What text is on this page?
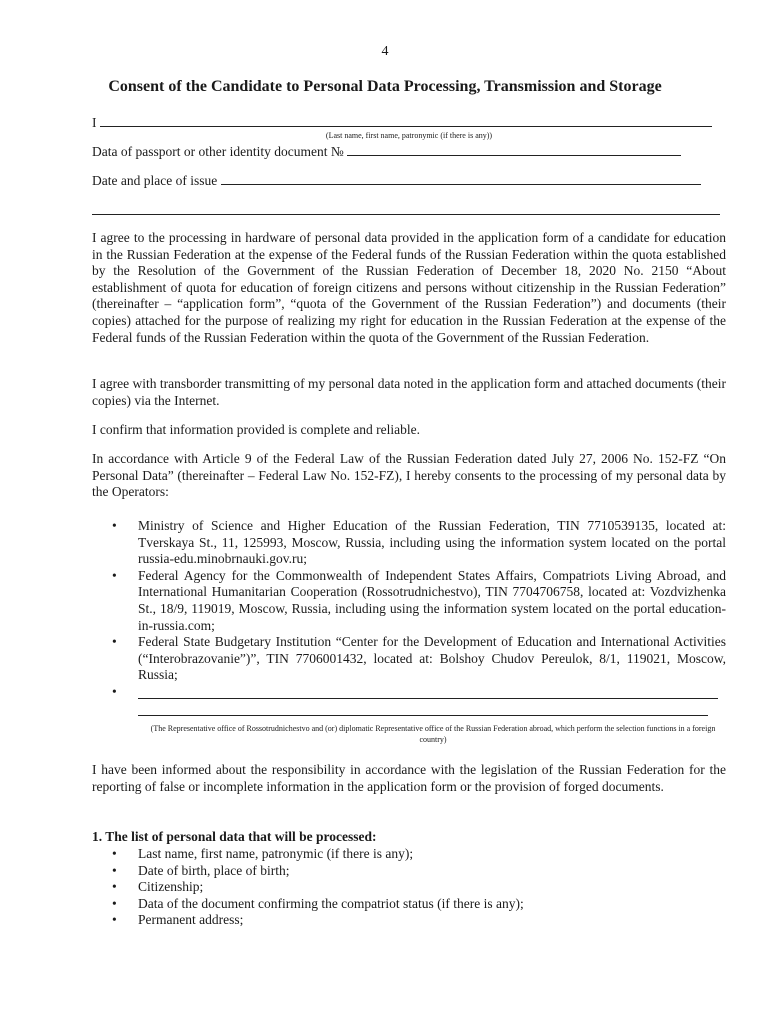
4
Consent of the Candidate to Personal Data Processing, Transmission and Storage
I
(Last name, first name, patronymic (if there is any))
Data of passport or other identity document №
Date and place of issue

I agree to the processing in hardware of personal data provided in the application form of a candidate for education in the Russian Federation at the expense of the Federal funds of the Russian Federation within the quota established by the Resolution of the Government of the Russian Federation of December 18, 2020 No. 2150 “About establishment of quota for education of foreign citizens and persons without citizenship in the Russian Federation” (thereinafter – “application form”, “quota of the Government of the Russian Federation”) and documents (their copies) attached for the purpose of realizing my right for education in the Russian Federation at the expense of the Federal funds of the Russian Federation within the quota of the Government of the Russian Federation.

I agree with transborder transmitting of my personal data noted in the application form and attached documents (their copies) via the Internet.

I confirm that information provided is complete and reliable.

In accordance with Article 9 of the Federal Law of the Russian Federation dated July 27, 2006 No. 152-FZ “On Personal Data” (thereinafter – Federal Law No. 152-FZ), I hereby consents to the processing of my personal data by the Operators:

• Ministry of Science and Higher Education of the Russian Federation, TIN 7710539135, located at: Tverskaya St., 11, 125993, Moscow, Russia, including using the information system located on the portal russia-edu.minobrnauki.gov.ru;
• Federal Agency for the Commonwealth of Independent States Affairs, Compatriots Living Abroad, and International Humanitarian Cooperation (Rossotrudnichestvo), TIN 7704706758, located at: Vozdvizhenka St., 18/9, 119019, Moscow, Russia, including using the information system located on the portal education-in-russia.com;
• Federal State Budgetary Institution “Center for the Development of Education and International Activities (“Interobrazovanie”)”, TIN 7706001432, located at: Bolshoy Chudov Pereulok, 8/1, 119021, Moscow, Russia;
•
(The Representative office of Rossotrudnichestvo and (or) diplomatic Representative office of the Russian Federation abroad, which perform the selection functions in a foreign country)

I have been informed about the responsibility in accordance with the legislation of the Russian Federation for the reporting of false or incomplete information in the application form or the provision of forged documents.

1. The list of personal data that will be processed:
• Last name, first name, patronymic (if there is any);
• Date of birth, place of birth;
• Citizenship;
• Data of the document confirming the compatriot status (if there is any);
• Permanent address;
